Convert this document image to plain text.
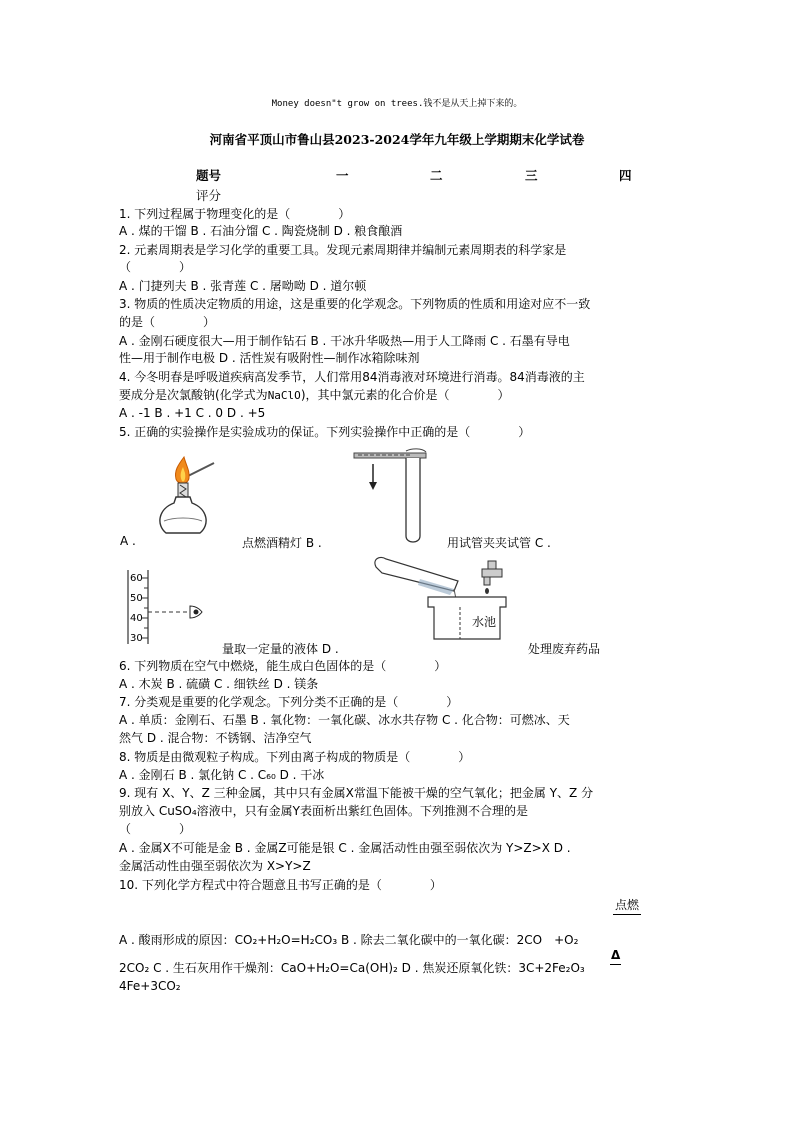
Money doesn"t grow on trees.钱不是从天上掉下来的。
河南省平顶山市鲁山县2023-2024学年九年级上学期期末化学试卷
题号	一	二	三	四
评分
1. 下列过程属于物理变化的是（　　　　）
A . 煤的干馏 B . 石油分馏 C . 陶瓷烧制 D . 粮食酿酒
2. 元素周期表是学习化学的重要工具。发现元素周期律并编制元素周期表的科学家是
（　　　　）
A . 门捷列夫 B . 张青莲 C . 屠呦呦 D . 道尔顿
3. 物质的性质决定物质的用途，这是重要的化学观念。下列物质的性质和用途对应不一致
的是（　　　　）
A . 金刚石硬度很大—用于制作钻石 B . 干冰升华吸热—用于人工降雨 C . 石墨有导电
性—用于制作电极 D . 活性炭有吸附性—制作冰箱除味剂
4. 今冬明春是呼吸道疾病高发季节，人们常用84消毒液对环境进行消毒。84消毒液的主
要成分是次氯酸钠(化学式为NaClO)，其中氯元素的化合价是（　　　　）
A . -1 B . +1 C . 0 D . +5
5. 正确的实验操作是实验成功的保证。下列实验操作中正确的是（　　　　）
A .	点燃酒精灯 B .	用试管夹夹试管 C .
60
50
40
30
量取一定量的液体 D .
水池
处理废弃药品
6. 下列物质在空气中燃烧，能生成白色固体的是（　　　　）
A . 木炭 B . 硫磺 C . 细铁丝 D . 镁条
7. 分类观是重要的化学观念。下列分类不正确的是（　　　　）
A . 单质：金刚石、石墨 B . 氧化物：一氧化碳、冰水共存物 C . 化合物：可燃冰、天
然气 D . 混合物：不锈钢、洁净空气
8. 物质是由微观粒子构成。下列由离子构成的物质是（　　　　）
A . 金刚石 B . 氯化钠 C . C₆₀ D . 干冰
9. 现有 X、Y、Z 三种金属，其中只有金属X常温下能被干燥的空气氧化；把金属 Y、Z 分
别放入 CuSO₄溶液中，只有金属Y表面析出紫红色固体。下列推测不合理的是
（　　　　）
A . 金属X不可能是金 B . 金属Z可能是银 C . 金属活动性由强至弱依次为 Y>Z>X D .
金属活动性由强至弱依次为 X>Y>Z
10. 下列化学方程式中符合题意且书写正确的是（　　　　）
点燃
A . 酸雨形成的原因：CO₂+H₂O=H₂CO₃ B . 除去二氧化碳中的一氧化碳：2CO　+O₂
Δ
2CO₂ C . 生石灰用作干燥剂：CaO+H₂O=Ca(OH)₂ D . 焦炭还原氧化铁：3C+2Fe₂O₃
4Fe+3CO₂
